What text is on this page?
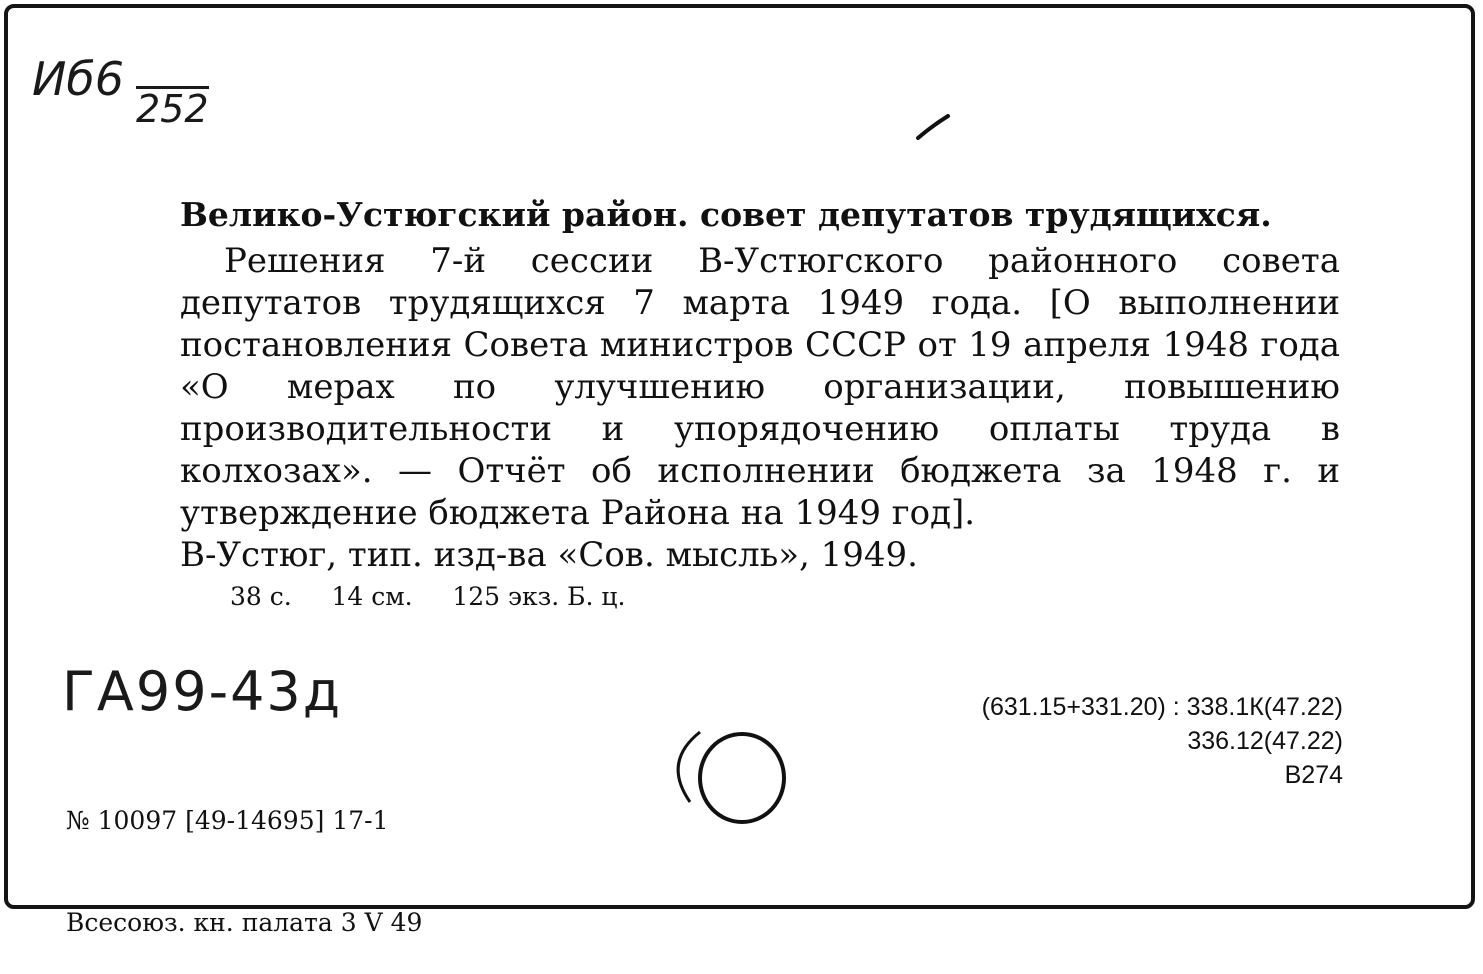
Иб6
252
Велико-Устюгский район. совет депутатов трудящихся.
Решения 7-й сессии В-Устюгского районного совета депутатов трудящихся 7 марта 1949 года. [О выполнении постановления Совета министров СССР от 19 апреля 1948 года «О мерах по улучшению организации, повышению производительности и упорядочению оплаты труда в колхозах». — Отчёт об исполнении бюджета за 1948 г. и утверждение бюджета Района на 1949 год].
В-Устюг, тип. изд-ва «Сов. мысль», 1949.
38 с.     14 см.     125 экз. Б. ц.
ГА99-43д

№ 10097 [49-14695] 17-1

Всесоюз. кн. палата 3 V 49

(631.15+331.20) : 338.1К(47.22)
336.12(47.22)
В274
